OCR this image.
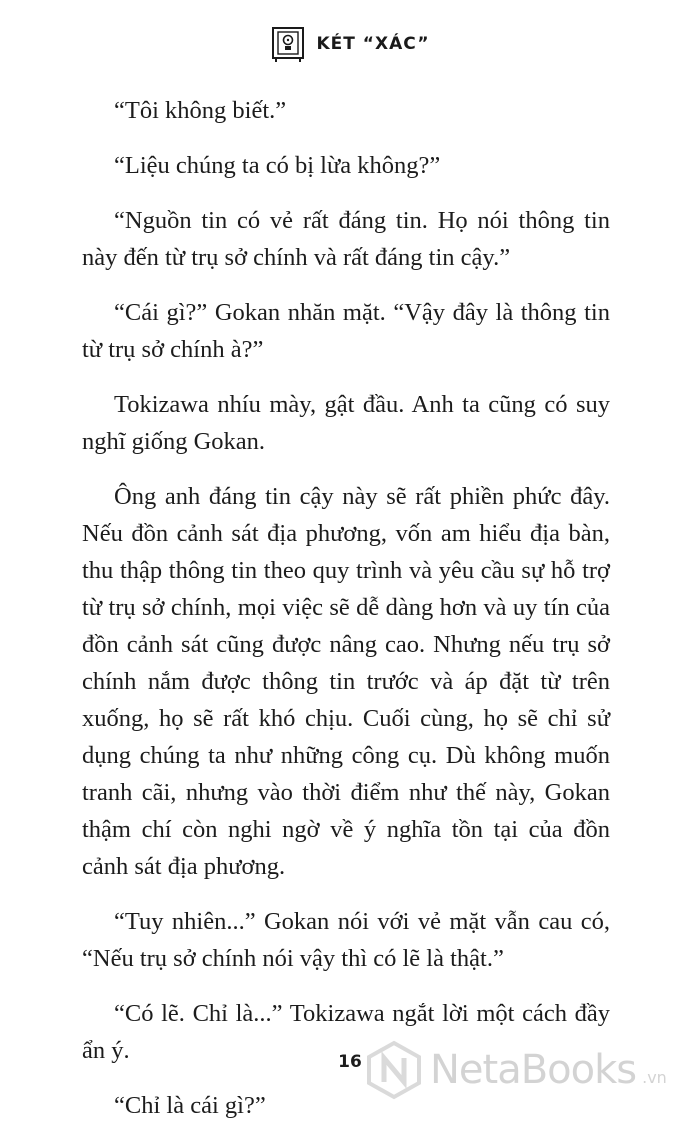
KÉT “XÁC”

“Tôi không biết.”

“Liệu chúng ta có bị lừa không?”

“Nguồn tin có vẻ rất đáng tin. Họ nói thông tin này đến từ trụ sở chính và rất đáng tin cậy.”

“Cái gì?” Gokan nhăn mặt. “Vậy đây là thông tin từ trụ sở chính à?”

Tokizawa nhíu mày, gật đầu. Anh ta cũng có suy nghĩ giống Gokan.

Ông anh đáng tin cậy này sẽ rất phiền phức đây. Nếu đồn cảnh sát địa phương, vốn am hiểu địa bàn, thu thập thông tin theo quy trình và yêu cầu sự hỗ trợ từ trụ sở chính, mọi việc sẽ dễ dàng hơn và uy tín của đồn cảnh sát cũng được nâng cao. Nhưng nếu trụ sở chính nắm được thông tin trước và áp đặt từ trên xuống, họ sẽ rất khó chịu. Cuối cùng, họ sẽ chỉ sử dụng chúng ta như những công cụ. Dù không muốn tranh cãi, nhưng vào thời điểm như thế này, Gokan thậm chí còn nghi ngờ về ý nghĩa tồn tại của đồn cảnh sát địa phương.

“Tuy nhiên...” Gokan nói với vẻ mặt vẫn cau có, “Nếu trụ sở chính nói vậy thì có lẽ là thật.”

“Có lẽ. Chỉ là...” Tokizawa ngắt lời một cách đầy ẩn ý.

“Chỉ là cái gì?”

16	NetaBooks .vn
